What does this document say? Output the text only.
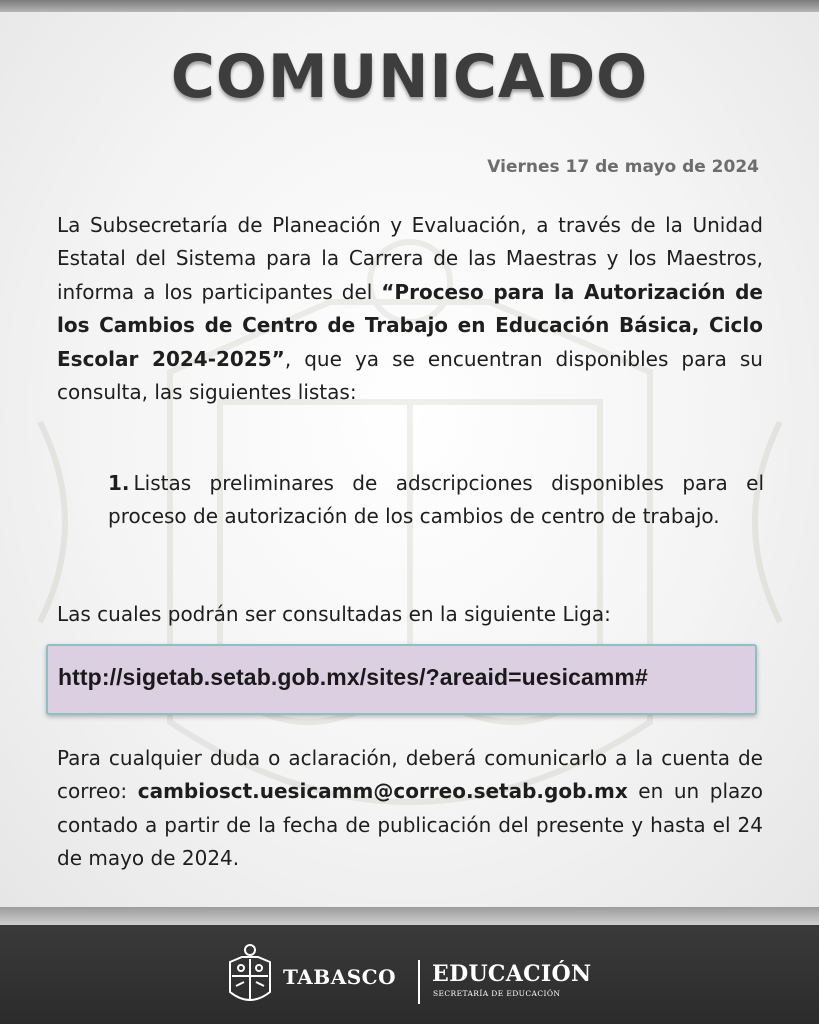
COMUNICADO
Viernes 17 de mayo de 2024
La Subsecretaría de Planeación y Evaluación, a través de la Unidad Estatal del Sistema para la Carrera de las Maestras y los Maestros, informa a los participantes del “Proceso para la Autorización de los Cambios de Centro de Trabajo en Educación Básica, Ciclo Escolar 2024-2025”, que ya se encuentran disponibles para su consulta, las siguientes listas:
1. Listas preliminares de adscripciones disponibles para el proceso de autorización de los cambios de centro de trabajo.
Las cuales podrán ser consultadas en la siguiente Liga:
http://sigetab.setab.gob.mx/sites/?areaid=uesicamm#
Para cualquier duda o aclaración, deberá comunicarlo a la cuenta de correo: cambiosct.uesicamm@correo.setab.gob.mx en un plazo contado a partir de la fecha de publicación del presente y hasta el 24 de mayo de 2024.
TABASCO EDUCACIÓN
SECRETARÍA DE EDUCACIÓN
